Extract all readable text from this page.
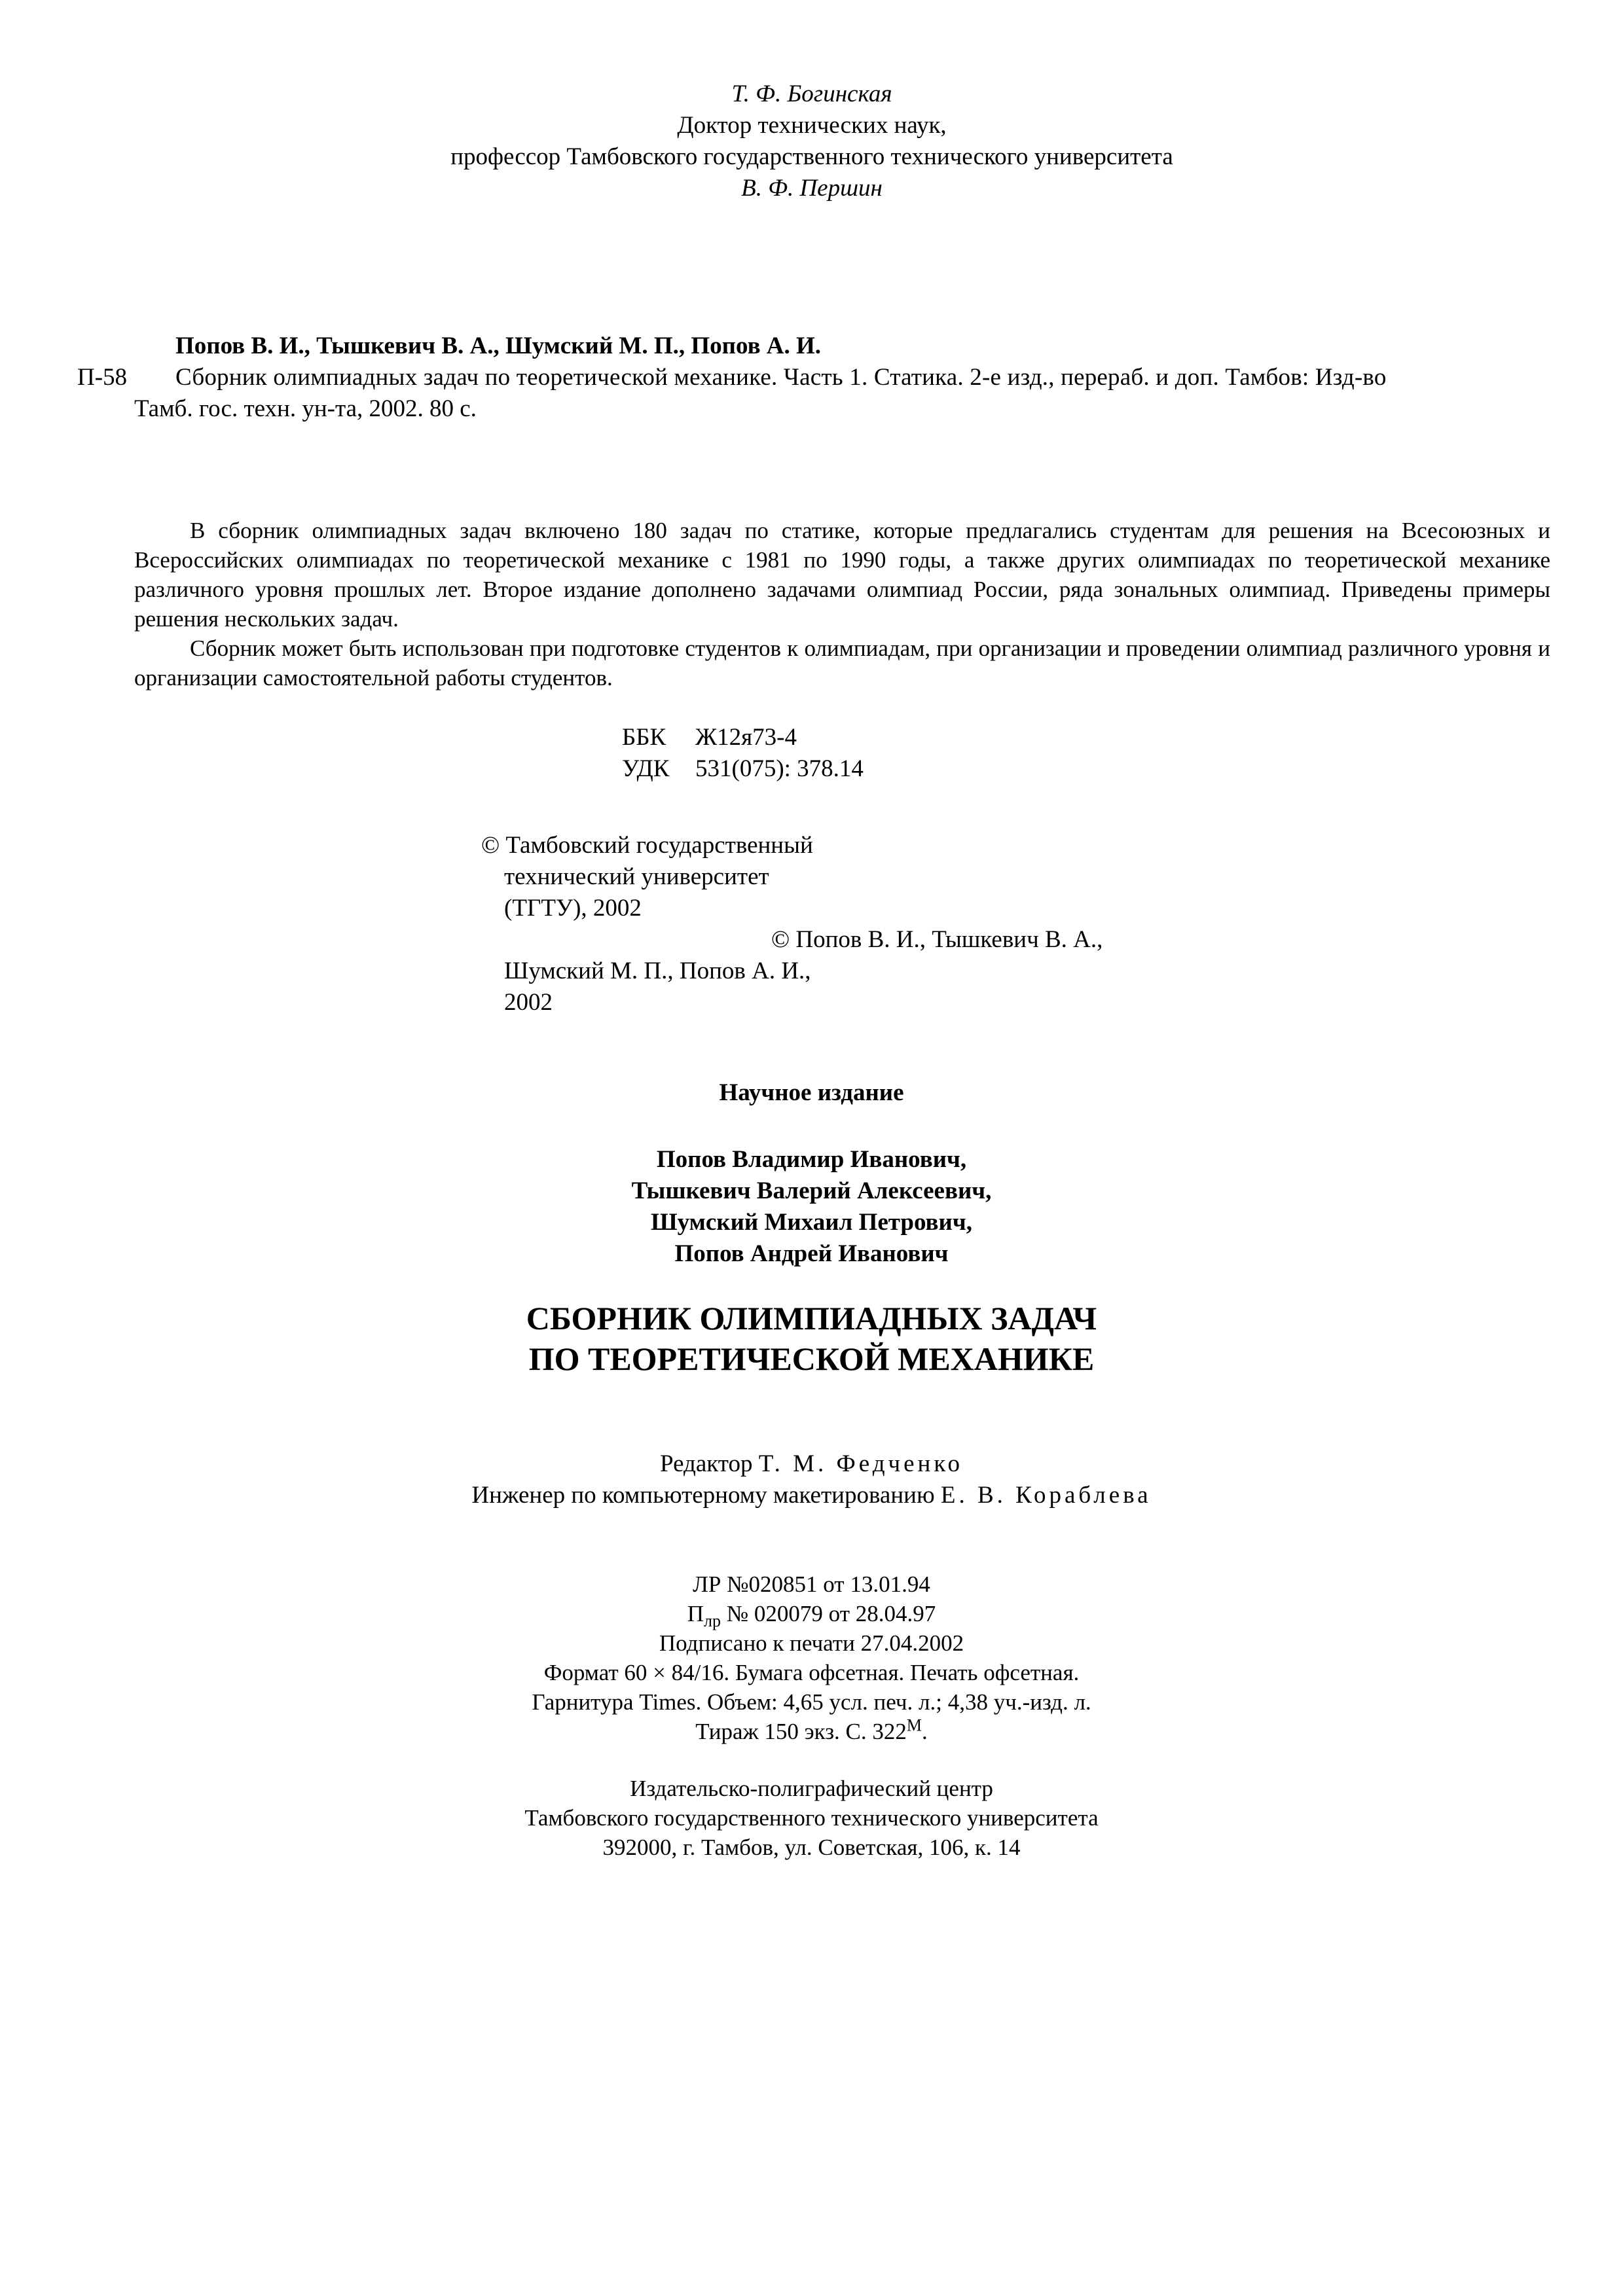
Т. Ф. Богинская
Доктор технических наук,
профессор Тамбовского государственного технического университета
В. Ф. Першин
Попов В. И., Тышкевич В. А., Шумский М. П., Попов А. И.
П-58 Сборник олимпиадных задач по теоретической механике. Часть 1. Статика. 2-е изд., перераб. и доп. Тамбов: Изд-во
Тамб. гос. техн. ун-та, 2002. 80 с.
В сборник олимпиадных задач включено 180 задач по статике, которые предлагались студентам для решения на Всесоюзных и Всероссийских олимпиадах по теоретической механике с 1981 по 1990 годы, а также других олимпиадах по теоретической механике различного уровня прошлых лет. Второе издание дополнено задачами олимпиад России, ряда зональных олимпиад. Приведены примеры решения нескольких задач.
Сборник может быть использован при подготовке студентов к олимпиадам, при организации и проведении олимпиад различного уровня и организации самостоятельной работы студентов.
ББК Ж12я73-4
УДК 531(075): 378.14
© Тамбовский государственный
технический университет
(ТГТУ), 2002
© Попов В. И., Тышкевич В. А.,
Шумский М. П., Попов А. И.,
2002
Научное издание
Попов Владимир Иванович,
Тышкевич Валерий Алексеевич,
Шумский Михаил Петрович,
Попов Андрей Иванович
СБОРНИК ОЛИМПИАДНЫХ ЗАДАЧ
ПО ТЕОРЕТИЧЕСКОЙ МЕХАНИКЕ
Редактор Т. М. Федченко
Инженер по компьютерному макетированию Е. В. Кораблева
ЛР №020851 от 13.01.94
$П_{лр}$ № 020079 от 28.04.97
Подписано к печати 27.04.2002
Формат 60 × 84/16. Бумага офсетная. Печать офсетная.
Гарнитура Times. Объем: 4,65 усл. печ. л.; 4,38 уч.-изд. л.
Тираж 150 экз. С. $322^M$.
Издательско-полиграфический центр
Тамбовского государственного технического университета
392000, г. Тамбов, ул. Советская, 106, к. 14
